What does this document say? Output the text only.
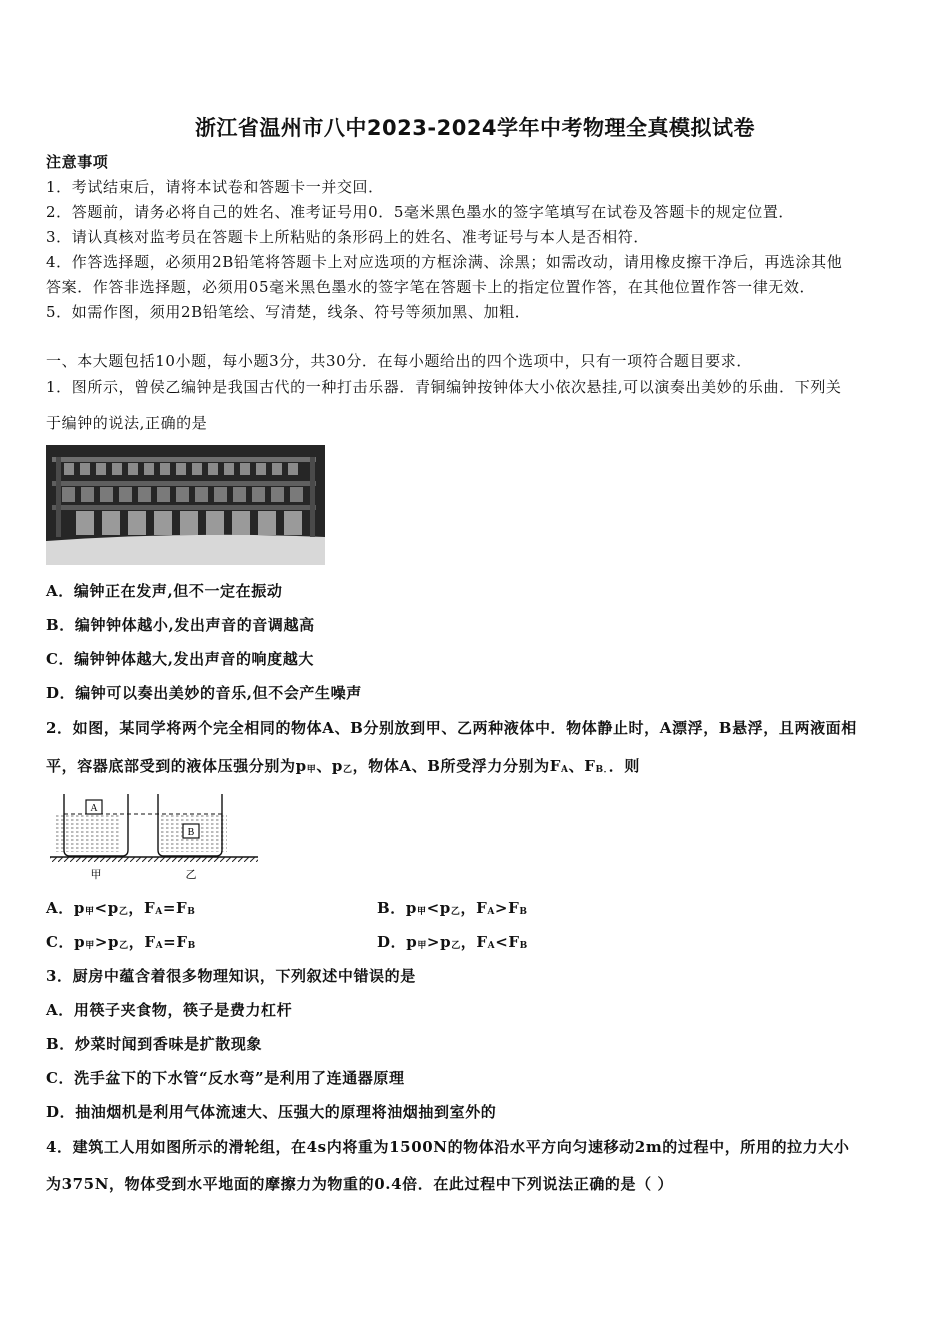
浙江省温州市八中2023-2024学年中考物理全真模拟试卷
注意事项
1．考试结束后，请将本试卷和答题卡一并交回．
2．答题前，请务必将自己的姓名、准考证号用0．5毫米黑色墨水的签字笔填写在试卷及答题卡的规定位置．
3．请认真核对监考员在答题卡上所粘贴的条形码上的姓名、准考证号与本人是否相符．
4．作答选择题，必须用2B铅笔将答题卡上对应选项的方框涂满、涂黑；如需改动，请用橡皮擦干净后，再选涂其他
答案．作答非选择题，必须用05毫米黑色墨水的签字笔在答题卡上的指定位置作答，在其他位置作答一律无效．
5．如需作图，须用2B铅笔绘、写清楚，线条、符号等须加黑、加粗．
一、本大题包括10小题，每小题3分，共30分．在每小题给出的四个选项中，只有一项符合题目要求．
1．图所示，曾侯乙编钟是我国古代的一种打击乐器．青铜编钟按钟体大小依次悬挂,可以演奏出美妙的乐曲．下列关
于编钟的说法,正确的是
A．编钟正在发声,但不一定在振动
B．编钟钟体越小,发出声音的音调越高
C．编钟钟体越大,发出声音的响度越大
D．编钟可以奏出美妙的音乐,但不会产生噪声
2．如图，某同学将两个完全相同的物体A、B分别放到甲、乙两种液体中．物体静止时，A漂浮，B悬浮，且两液面相
平，容器底部受到的液体压强分别为p甲、p乙，物体A、B所受浮力分别为FA、FB．．则
A
B
甲	乙
A．p甲<p乙，FA=FB	B．p甲<p乙，FA>FB
C．p甲>p乙，FA=FB	D．p甲>p乙，FA<FB
3．厨房中蕴含着很多物理知识，下列叙述中错误的是
A．用筷子夹食物，筷子是费力杠杆
B．炒菜时闻到香味是扩散现象
C．洗手盆下的下水管“反水弯”是利用了连通器原理
D．抽油烟机是利用气体流速大、压强大的原理将油烟抽到室外的
4．建筑工人用如图所示的滑轮组，在4s内将重为1500N的物体沿水平方向匀速移动2m的过程中，所用的拉力大小
为375N，物体受到水平地面的摩擦力为物重的0.4倍．在此过程中下列说法正确的是（ ）
